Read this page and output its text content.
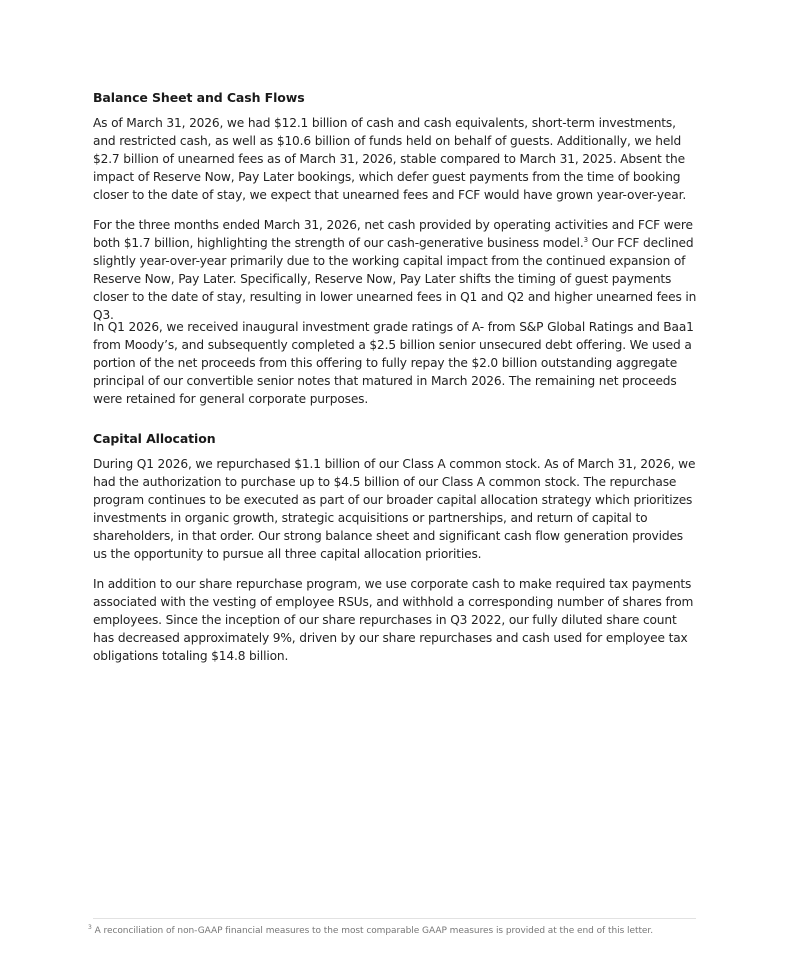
Balance Sheet and Cash Flows

As of March 31, 2026, we had $12.1 billion of cash and cash equivalents, short-term investments, and restricted cash, as well as $10.6 billion of funds held on behalf of guests. Additionally, we held $2.7 billion of unearned fees as of March 31, 2026, stable compared to March 31, 2025. Absent the impact of Reserve Now, Pay Later bookings, which defer guest payments from the time of booking closer to the date of stay, we expect that unearned fees and FCF would have grown year-over-year.

For the three months ended March 31, 2026, net cash provided by operating activities and FCF were both $1.7 billion, highlighting the strength of our cash-generative business model.$^3$ Our FCF declined slightly year-over-year primarily due to the working capital impact from the continued expansion of Reserve Now, Pay Later. Specifically, Reserve Now, Pay Later shifts the timing of guest payments closer to the date of stay, resulting in lower unearned fees in Q1 and Q2 and higher unearned fees in Q3.

In Q1 2026, we received inaugural investment grade ratings of A- from S&P Global Ratings and Baa1 from Moody’s, and subsequently completed a $2.5 billion senior unsecured debt offering. We used a portion of the net proceeds from this offering to fully repay the $2.0 billion outstanding aggregate principal of our convertible senior notes that matured in March 2026. The remaining net proceeds were retained for general corporate purposes.

Capital Allocation

During Q1 2026, we repurchased $1.1 billion of our Class A common stock. As of March 31, 2026, we had the authorization to purchase up to $4.5 billion of our Class A common stock. The repurchase program continues to be executed as part of our broader capital allocation strategy which prioritizes investments in organic growth, strategic acquisitions or partnerships, and return of capital to shareholders, in that order. Our strong balance sheet and significant cash flow generation provides us the opportunity to pursue all three capital allocation priorities.

In addition to our share repurchase program, we use corporate cash to make required tax payments associated with the vesting of employee RSUs, and withhold a corresponding number of shares from employees. Since the inception of our share repurchases in Q3 2022, our fully diluted share count has decreased approximately 9%, driven by our share repurchases and cash used for employee tax obligations totaling $14.8 billion.

$^3$ A reconciliation of non-GAAP financial measures to the most comparable GAAP measures is provided at the end of this letter.
